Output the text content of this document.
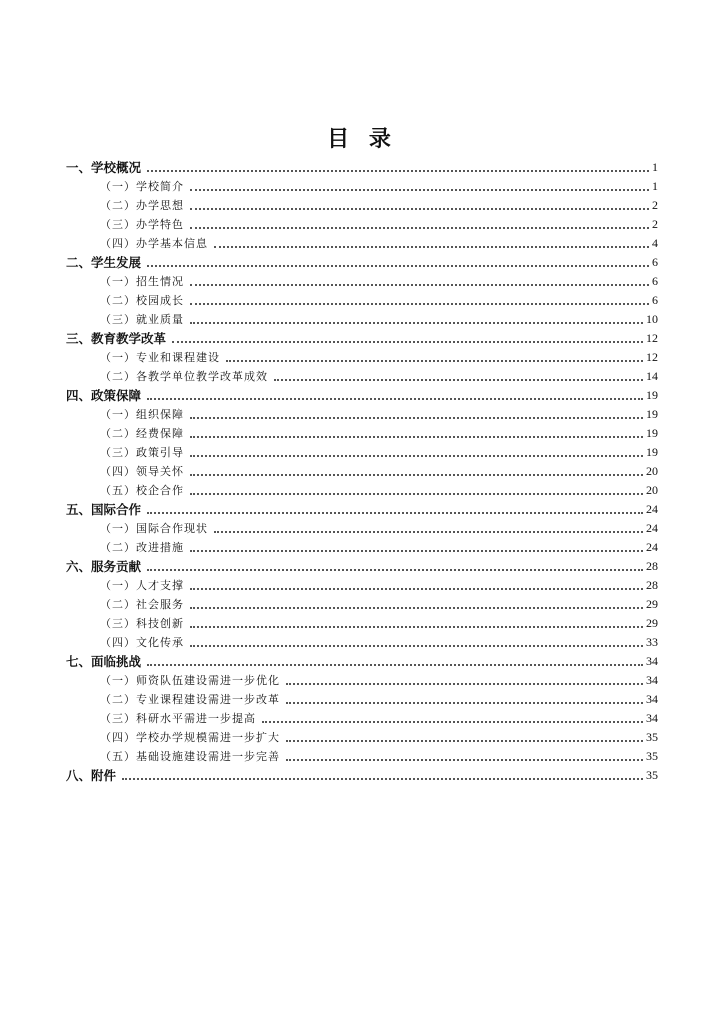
目 录
一、学校概况	1
（一）学校简介	1
（二）办学思想	2
（三）办学特色	2
（四）办学基本信息	4
二、学生发展	6
（一）招生情况	6
（二）校园成长	6
（三）就业质量	10
三、教育教学改革	12
（一）专业和课程建设	12
（二）各教学单位教学改革成效	14
四、政策保障	19
（一）组织保障	19
（二）经费保障	19
（三）政策引导	19
（四）领导关怀	20
（五）校企合作	20
五、国际合作	24
（一）国际合作现状	24
（二）改进措施	24
六、服务贡献	28
（一）人才支撑	28
（二）社会服务	29
（三）科技创新	29
（四）文化传承	33
七、面临挑战	34
（一）师资队伍建设需进一步优化	34
（二）专业课程建设需进一步改革	34
（三）科研水平需进一步提高	34
（四）学校办学规模需进一步扩大	35
（五）基础设施建设需进一步完善	35
八、附件	35
